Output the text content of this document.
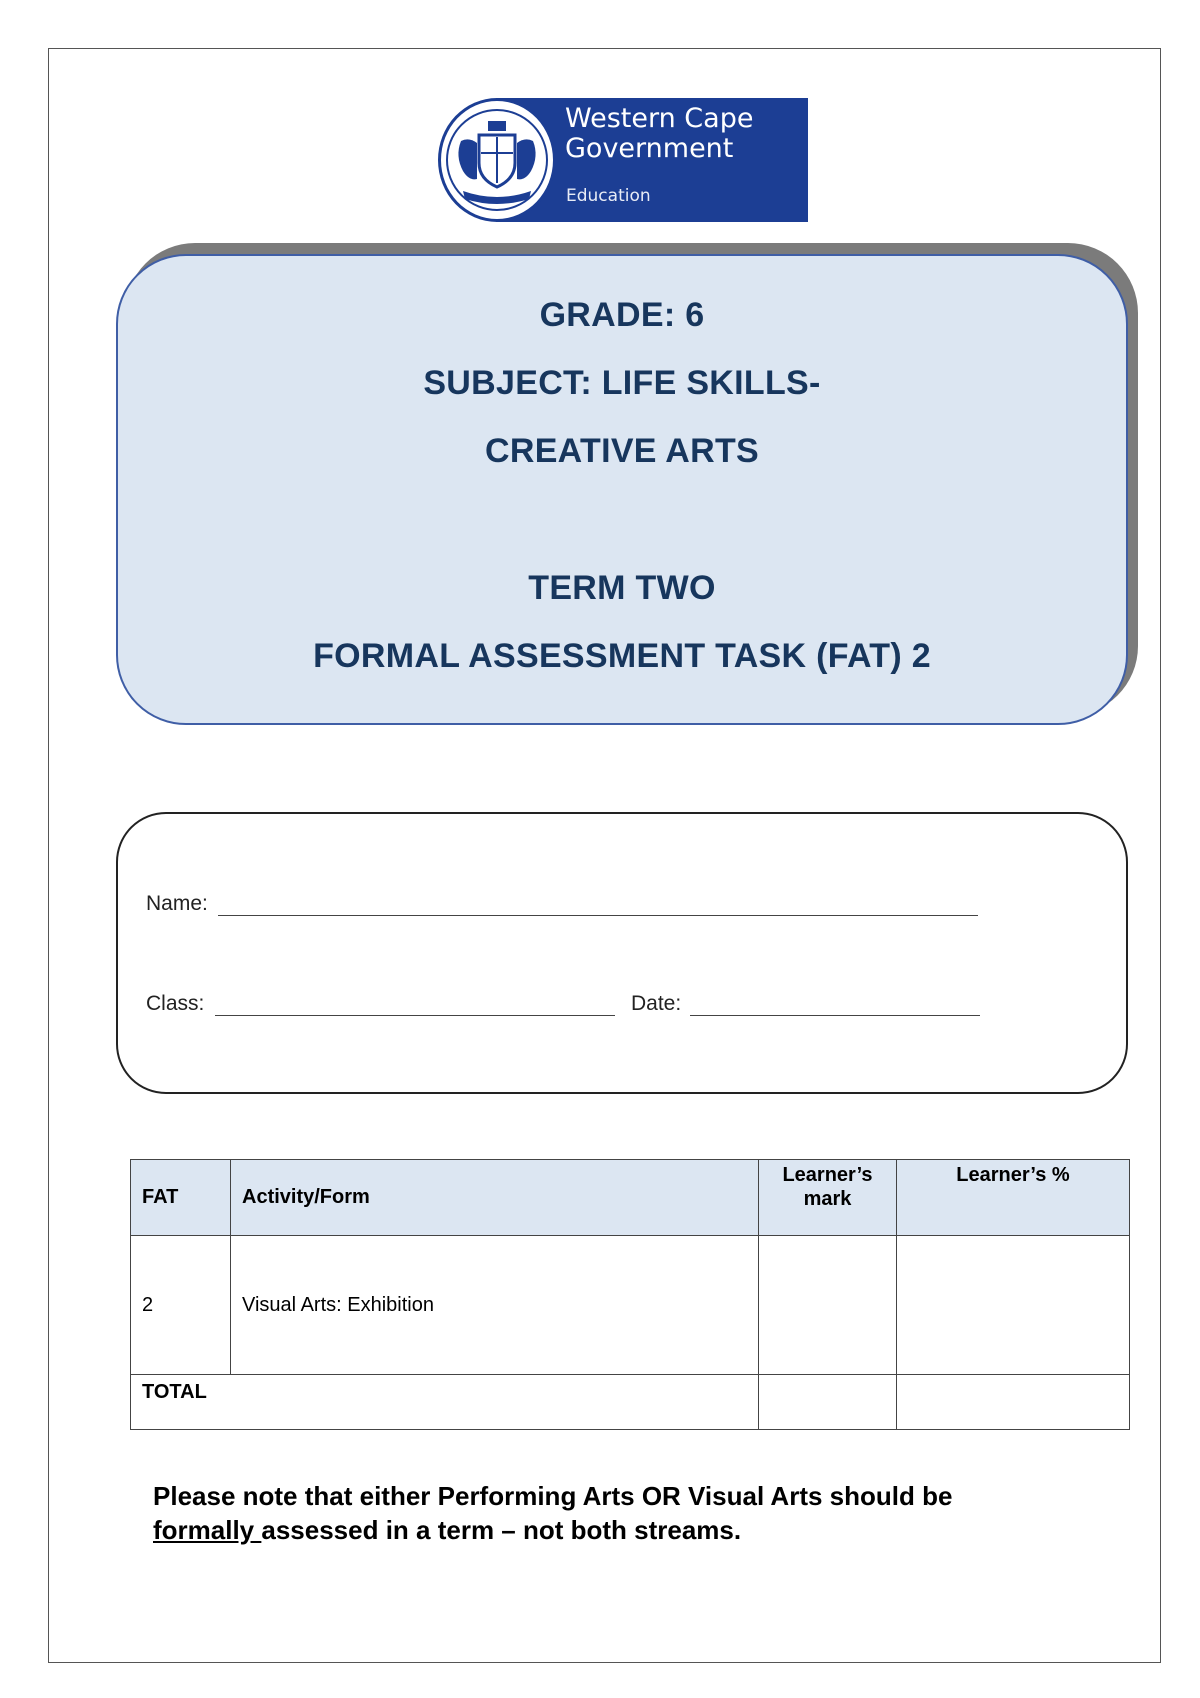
Western Cape
Government
Education
GRADE: 6
SUBJECT: LIFE SKILLS-
CREATIVE ARTS
TERM TWO
FORMAL ASSESSMENT TASK (FAT) 2
Name:
Class:	Date:
FAT	Activity/Form	Learner’s mark	Learner’s %
2	Visual Arts: Exhibition		
TOTAL			
Please note that either Performing Arts OR Visual Arts should be
formally assessed in a term – not both streams.
